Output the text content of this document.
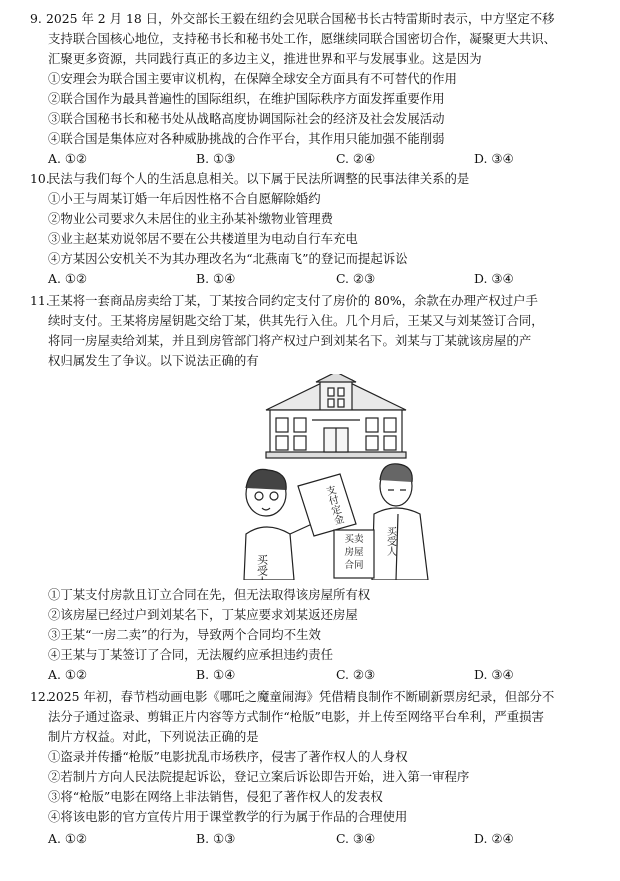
9. 2025 年 2 月 18 日，外交部长王毅在纽约会见联合国秘书长古特雷斯时表示，中方坚定不移
支持联合国核心地位，支持秘书长和秘书处工作，愿继续同联合国密切合作，凝聚更大共识、
汇聚更多资源，共同践行真正的多边主义，推进世界和平与发展事业。这是因为
①安理会为联合国主要审议机构，在保障全球安全方面具有不可替代的作用
②联合国作为最具普遍性的国际组织，在维护国际秩序方面发挥重要作用
③联合国秘书长和秘书处从战略高度协调国际社会的经济及社会发展活动
④联合国是集体应对各种威胁挑战的合作平台，其作用只能加强不能削弱
A. ①②	B. ①③	C. ②④	D. ③④
10.
民法与我们每个人的生活息息相关。以下属于民法所调整的民事法律关系的是
①小王与周某订婚一年后因性格不合自愿解除婚约
②物业公司要求久未居住的业主孙某补缴物业管理费
③业主赵某劝说邻居不要在公共楼道里为电动自行车充电
④方某因公安机关不为其办理改名为“北燕南飞”的登记而提起诉讼
A. ①②	B. ①④	C. ②③	D. ③④
11.
王某将一套商品房卖给丁某，丁某按合同约定支付了房价的 80%，余款在办理产权过户手
续时支付。王某将房屋钥匙交给丁某，供其先行入住。几个月后，王某又与刘某签订合同，
将同一房屋卖给刘某，并且到房管部门将产权过户到刘某名下。刘某与丁某就该房屋的产
权归属发生了争议。以下说法正确的有
买受人
支付定金
买受人
买卖
房屋
合同
①丁某支付房款且订立合同在先，但无法取得该房屋所有权
②该房屋已经过户到刘某名下，丁某应要求刘某返还房屋
③王某“一房二卖”的行为，导致两个合同均不生效
④王某与丁某签订了合同，无法履约应承担违约责任
A. ①②	B. ①④	C. ②③	D. ③④
12.
2025 年初，春节档动画电影《哪吒之魔童闹海》凭借精良制作不断刷新票房纪录，但部分不
法分子通过盗录、剪辑正片内容等方式制作“枪版”电影，并上传至网络平台牟利，严重损害
制片方权益。对此，下列说法正确的是
①盗录并传播“枪版”电影扰乱市场秩序，侵害了著作权人的人身权
②若制片方向人民法院提起诉讼，登记立案后诉讼即告开始，进入第一审程序
③将“枪版”电影在网络上非法销售，侵犯了著作权人的发表权
④将该电影的官方宣传片用于课堂教学的行为属于作品的合理使用
A. ①②	B. ①③	C. ③④	D. ②④
